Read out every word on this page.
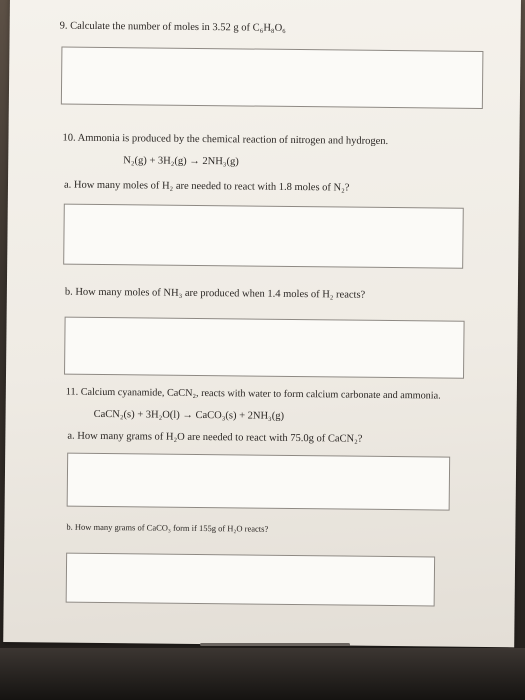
9. Calculate the number of moles in 3.52 g of C₆H₈O₆
10. Ammonia is produced by the chemical reaction of nitrogen and hydrogen.
N₂(g) + 3H₂(g) → 2NH₃(g)
a. How many moles of H₂ are needed to react with 1.8 moles of N₂?
b. How many moles of NH₃ are produced when 1.4 moles of H₂ reacts?
11. Calcium cyanamide, CaCN₂, reacts with water to form calcium carbonate and ammonia.
CaCN₂(s) + 3H₂O(l) → CaCO₃(s) + 2NH₃(g)
a. How many grams of H₂O are needed to react with 75.0g of CaCN₂?
b. How many grams of CaCO₃ form if 155g of H₂O reacts?
